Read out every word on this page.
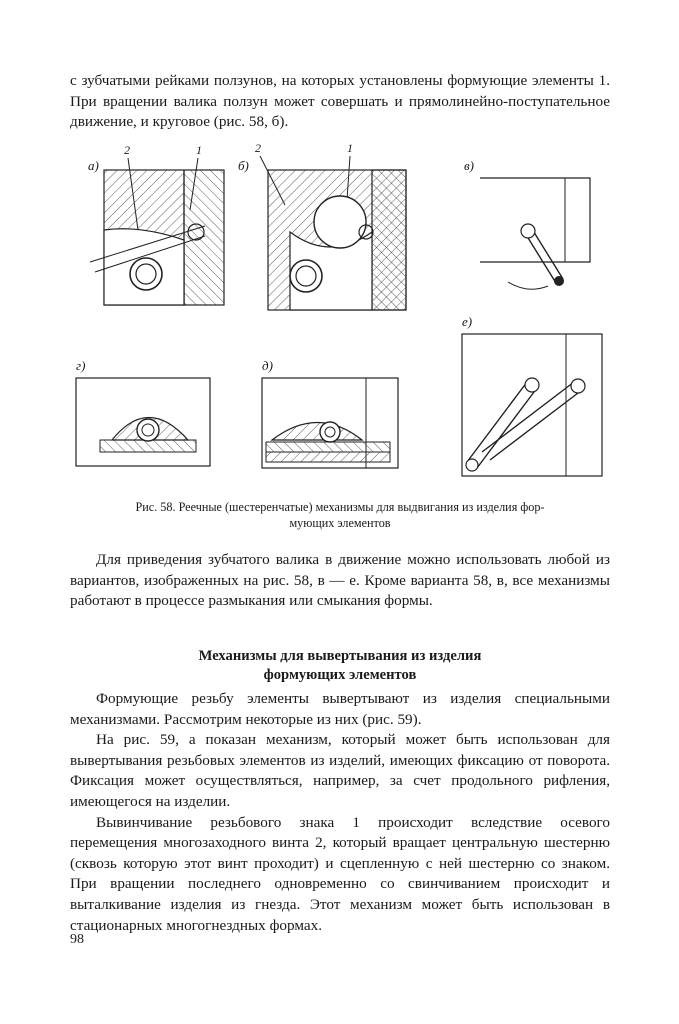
с зубчатыми рейками ползунов, на которых установлены формующие элементы 1. При вращении валика ползун может совершать и прямолинейно-поступательное движение, и круговое (рис. 58, б).

а)
2	1
б)
2	1
в)
г)	д)
е)
Рис. 58. Реечные (шестеренчатые) механизмы для выдвигания из изделия фор-
мующих элементов

Для приведения зубчатого валика в движение можно использовать любой из вариантов, изображенных на рис. 58, в — е. Кроме варианта 58, в, все механизмы работают в процессе размыкания или смыкания формы.

Механизмы для вывертывания из изделия
формующих элементов

Формующие резьбу элементы вывертывают из изделия специальными механизмами. Рассмотрим некоторые из них (рис. 59).

На рис. 59, а показан механизм, который может быть использован для вывертывания резьбовых элементов из изделий, имеющих фиксацию от поворота. Фиксация может осуществляться, например, за счет продольного рифления, имеющегося на изделии.

Вывинчивание резьбового знака 1 происходит вследствие осевого перемещения многозаходного винта 2, который вращает центральную шестерню (сквозь которую этот винт проходит) и сцепленную с ней шестерню со знаком. При вращении последнего одновременно со свинчиванием происходит и выталкивание изделия из гнезда. Этот механизм может быть использован в стационарных многогнездных формах.

98
